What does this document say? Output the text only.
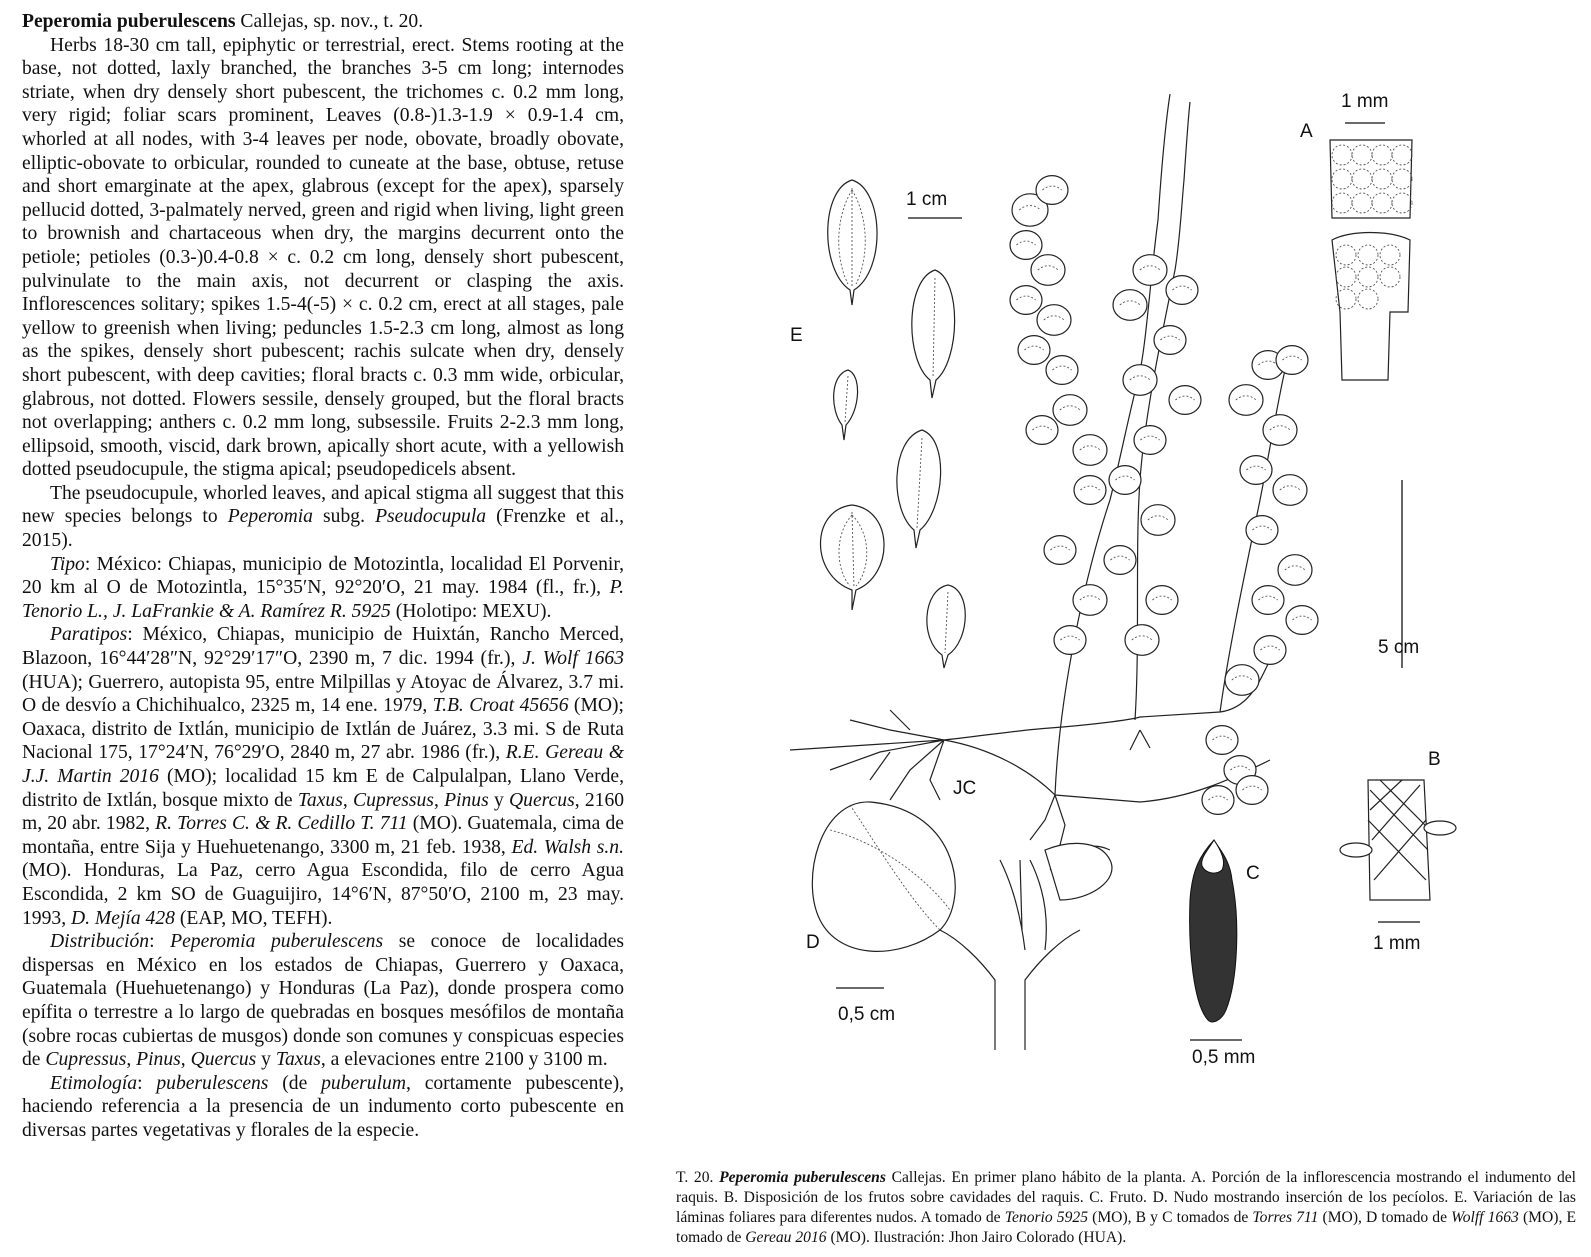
Peperomia puberulescens Callejas, sp. nov., t. 20.

Herbs 18-30 cm tall, epiphytic or terrestrial, erect. Stems rooting at the base, not dotted, laxly branched, the branches 3-5 cm long; internodes striate, when dry densely short pubescent, the trichomes c. 0.2 mm long, very rigid; foliar scars prominent, Leaves (0.8-)1.3-1.9 × 0.9-1.4 cm, whorled at all nodes, with 3-4 leaves per node, obovate, broadly obovate, elliptic-obovate to orbicular, rounded to cuneate at the base, obtuse, retuse and short emarginate at the apex, glabrous (except for the apex), sparsely pellucid dotted, 3-palmately nerved, green and rigid when living, light green to brownish and chartaceous when dry, the margins decurrent onto the petiole; petioles (0.3-)0.4-0.8 × c. 0.2 cm long, densely short pubescent, pulvinulate to the main axis, not decurrent or clasping the axis. Inflorescences solitary; spikes 1.5-4(-5) × c. 0.2 cm, erect at all stages, pale yellow to greenish when living; peduncles 1.5-2.3 cm long, almost as long as the spikes, densely short pubescent; rachis sulcate when dry, densely short pubescent, with deep cavities; floral bracts c. 0.3 mm wide, orbicular, glabrous, not dotted. Flowers sessile, densely grouped, but the floral bracts not overlapping; anthers c. 0.2 mm long, subsessile. Fruits 2-2.3 mm long, ellipsoid, smooth, viscid, dark brown, apically short acute, with a yellowish dotted pseudocupule, the stigma apical; pseudopedicels absent.

The pseudocupule, whorled leaves, and apical stigma all suggest that this new species belongs to Peperomia subg. Pseudocupula (Frenzke et al., 2015).

Tipo: México: Chiapas, municipio de Motozintla, localidad El Porvenir, 20 km al O de Motozintla, 15°35′N, 92°20′O, 21 may. 1984 (fl., fr.), P. Tenorio L., J. LaFrankie & A. Ramírez R. 5925 (Holotipo: MEXU).

Paratipos: México, Chiapas, municipio de Huixtán, Rancho Merced, Blazoon, 16°44′28″N, 92°29′17″O, 2390 m, 7 dic. 1994 (fr.), J. Wolf 1663 (HUA); Guerrero, autopista 95, entre Milpillas y Atoyac de Álvarez, 3.7 mi. O de desvío a Chichihualco, 2325 m, 14 ene. 1979, T.B. Croat 45656 (MO); Oaxaca, distrito de Ixtlán, municipio de Ixtlán de Juárez, 3.3 mi. S de Ruta Nacional 175, 17°24′N, 76°29′O, 2840 m, 27 abr. 1986 (fr.), R.E. Gereau & J.J. Martin 2016 (MO); localidad 15 km E de Calpulalpan, Llano Verde, distrito de Ixtlán, bosque mixto de Taxus, Cupressus, Pinus y Quercus, 2160 m, 20 abr. 1982, R. Torres C. & R. Cedillo T. 711 (MO). Guatemala, cima de montaña, entre Sija y Huehuetenango, 3300 m, 21 feb. 1938, Ed. Walsh s.n. (MO). Honduras, La Paz, cerro Agua Escondida, filo de cerro Agua Escondida, 2 km SO de Guaguijiro, 14°6′N, 87°50′O, 2100 m, 23 may. 1993, D. Mejía 428 (EAP, MO, TEFH).

Distribución: Peperomia puberulescens se conoce de localidades dispersas en México en los estados de Chiapas, Guerrero y Oaxaca, Guatemala (Huehuetenango) y Honduras (La Paz), donde prospera como epífita o terrestre a lo largo de quebradas en bosques mesófilos de montaña (sobre rocas cubiertas de musgos) donde son comunes y conspicuas especies de Cupressus, Pinus, Quercus y Taxus, a elevaciones entre 2100 y 3100 m.

Etimología: puberulescens (de puberulum, cortamente pubescente), haciendo referencia a la presencia de un indumento corto pubescente en diversas partes vegetativas y florales de la especie.

E
1 cm
JC
A
1 mm
5 cm
B
1 mm
C
0,5 mm
D
0,5 cm

T. 20. Peperomia puberulescens Callejas. En primer plano hábito de la planta. A. Porción de la inflorescencia mostrando el indumento del raquis. B. Disposición de los frutos sobre cavidades del raquis. C. Fruto. D. Nudo mostrando inserción de los pecíolos. E. Variación de las láminas foliares para diferentes nudos. A tomado de Tenorio 5925 (MO), B y C tomados de Torres 711 (MO), D tomado de Wolff 1663 (MO), E tomado de Gereau 2016 (MO). Ilustración: Jhon Jairo Colorado (HUA).
